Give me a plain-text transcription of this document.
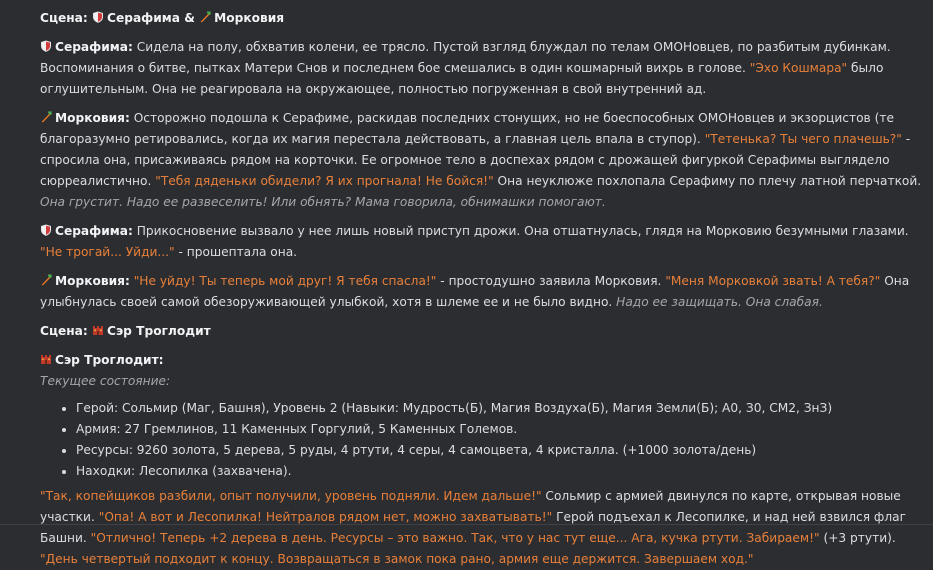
Сцена: Серафима & Морковия

Серафима: Сидела на полу, обхватив колени, ее трясло. Пустой взгляд блуждал по телам ОМОНовцев, по разбитым дубинкам. Воспоминания о битве, пытках Матери Снов и последнем бое смешались в один кошмарный вихрь в голове. "Эхо Кошмара" было оглушительным. Она не реагировала на окружающее, полностью погруженная в свой внутренний ад.

Морковия: Осторожно подошла к Серафиме, раскидав последних стонущих, но не боеспособных ОМОНовцев и экзорцистов (те благоразумно ретировались, когда их магия перестала действовать, а главная цель впала в ступор). "Тетенька? Ты чего плачешь?" - спросила она, присаживаясь рядом на корточки. Ее огромное тело в доспехах рядом с дрожащей фигуркой Серафимы выглядело сюрреалистично. "Тебя дяденьки обидели? Я их прогнала! Не бойся!" Она неуклюже похлопала Серафиму по плечу латной перчаткой. Она грустит. Надо ее развеселить! Или обнять? Мама говорила, обнимашки помогают.

Серафима: Прикосновение вызвало у нее лишь новый приступ дрожи. Она отшатнулась, глядя на Морковию безумными глазами. "Не трогай... Уйди..." - прошептала она.

Морковия: "Не уйду! Ты теперь мой друг! Я тебя спасла!" - простодушно заявила Морковия. "Меня Морковкой звать! А тебя?" Она улыбнулась своей самой обезоруживающей улыбкой, хотя в шлеме ее и не было видно. Надо ее защищать. Она слабая.

Сцена: Сэр Троглодит
Сэр Троглодит:
Текущее состояние:
• Герой: Сольмир (Маг, Башня), Уровень 2 (Навыки: Мудрость(Б), Магия Воздуха(Б), Магия Земли(Б); А0, З0, СМ2, ЗнЗ)
• Армия: 27 Гремлинов, 11 Каменных Горгулий, 5 Каменных Големов.
• Ресурсы: 9260 золота, 5 дерева, 5 руды, 4 ртути, 4 серы, 4 самоцвета, 4 кристалла. (+1000 золота/день)
• Находки: Лесопилка (захвачена).

"Так, копейщиков разбили, опыт получили, уровень подняли. Идем дальше!" Сольмир с армией двинулся по карте, открывая новые участки. "Опа! А вот и Лесопилка! Нейтралов рядом нет, можно захватывать!" Герой подъехал к Лесопилке, и над ней взвился флаг Башни. "Отлично! Теперь +2 дерева в день. Ресурсы – это важно. Так, что у нас тут еще... Ага, кучка ртути. Забираем!" (+3 ртути). "День четвертый подходит к концу. Возвращаться в замок пока рано, армия еще держится. Завершаем ход."
